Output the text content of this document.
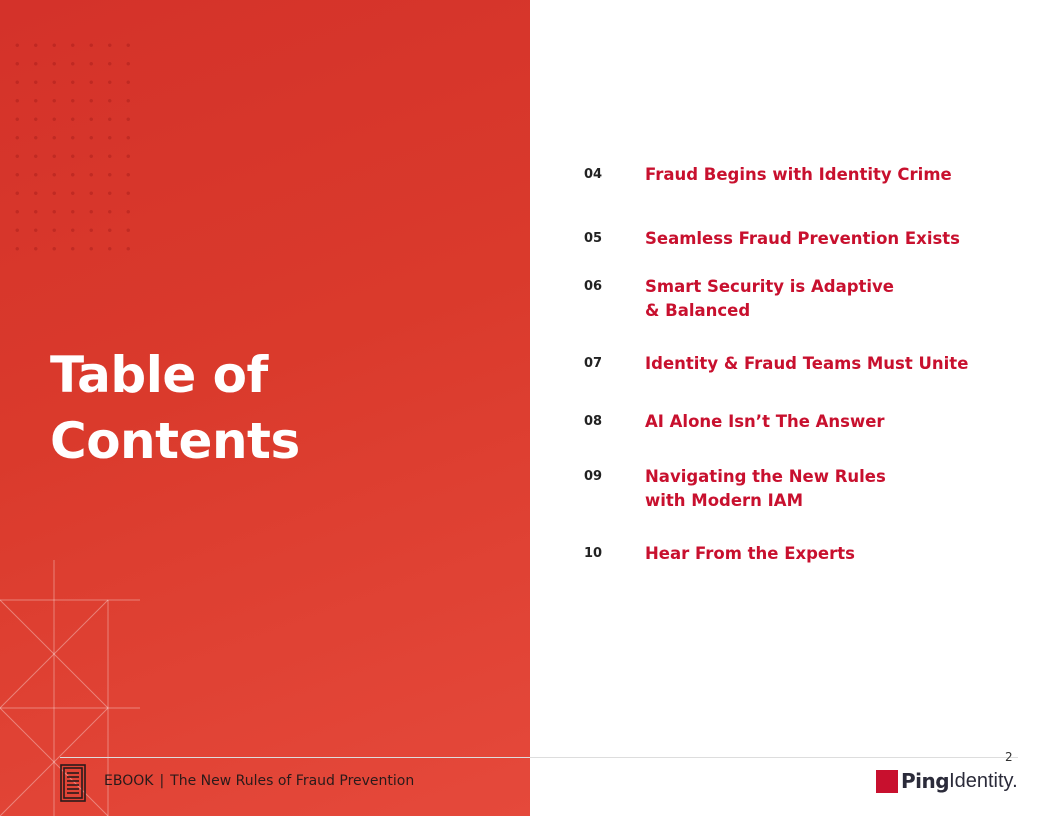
Table of
Contents
04	Fraud Begins with Identity Crime
05	Seamless Fraud Prevention Exists
06	Smart Security is Adaptive
& Balanced
07	Identity & Fraud Teams Must Unite
08	AI Alone Isn’t The Answer
09	Navigating the New Rules
with Modern IAM
10	Hear From the Experts
2
EBOOK | The New Rules of Fraud Prevention	Ping Identity.
